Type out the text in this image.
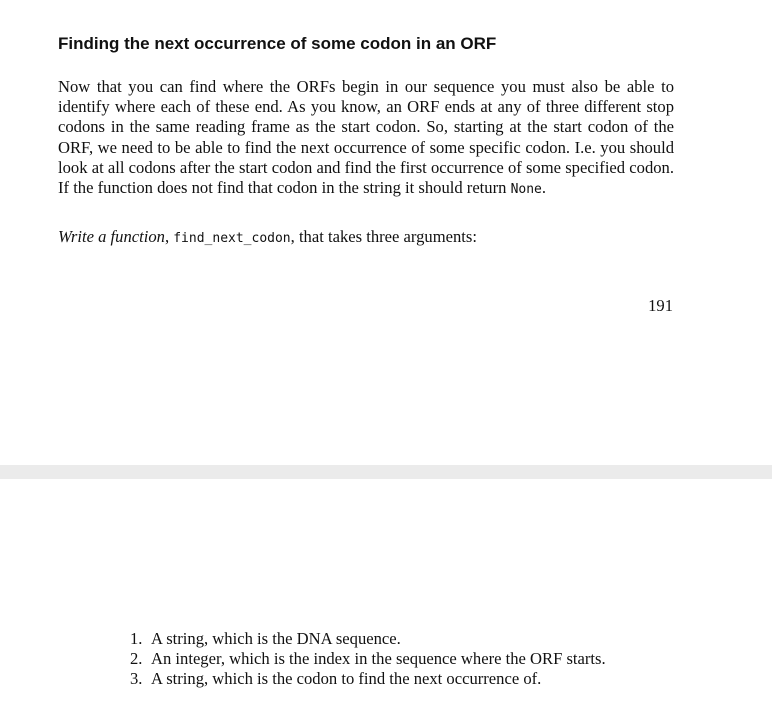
Finding the next occurrence of some codon in an ORF

Now that you can find where the ORFs begin in our sequence you must also be able to identify where each of these end. As you know, an ORF ends at any of three different stop codons in the same reading frame as the start codon. So, starting at the start codon of the ORF, we need to be able to find the next occurrence of some specific codon. I.e. you should look at all codons after the start codon and find the first occurrence of some specified codon. If the function does not find that codon in the string it should return None.

Write a function, find_next_codon, that takes three arguments:

191
1. A string, which is the DNA sequence.
2. An integer, which is the index in the sequence where the ORF starts.
3. A string, which is the codon to find the next occurrence of.
